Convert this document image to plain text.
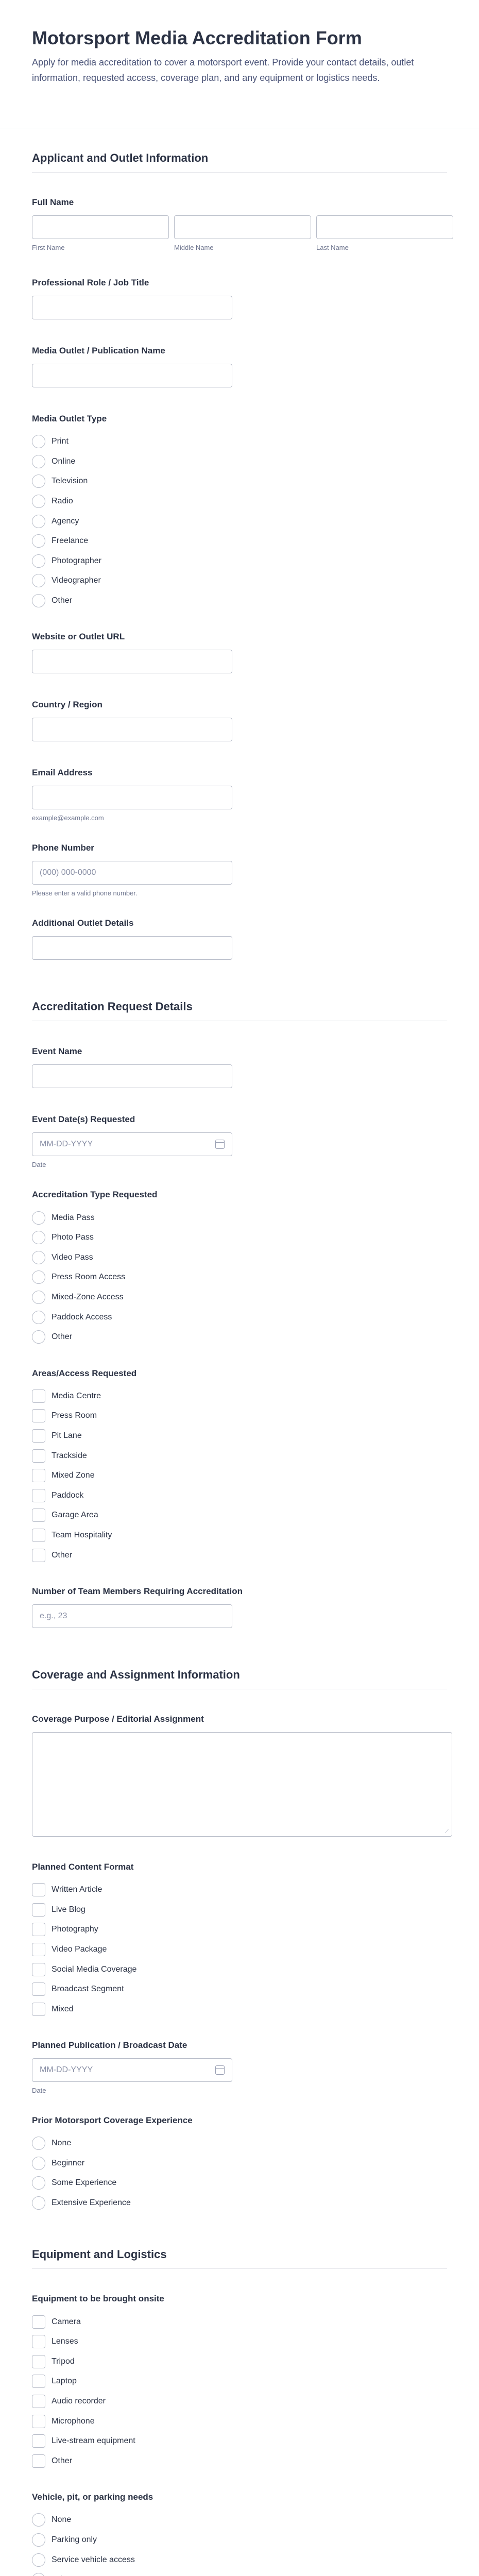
Motorsport Media Accreditation Form

Apply for media accreditation to cover a motorsport event. Provide your contact details, outlet information, requested access, coverage plan, and any equipment or logistics needs.

Applicant and Outlet Information
Full Name
First Name	Middle Name	Last Name
Professional Role / Job Title
Media Outlet / Publication Name
Media Outlet Type
Print
Online
Television
Radio
Agency
Freelance
Photographer
Videographer
Other
Website or Outlet URL
Country / Region
Email Address
example@example.com
Phone Number
(000) 000-0000
Please enter a valid phone number.
Additional Outlet Details
Accreditation Request Details
Event Name
Event Date(s) Requested
MM-DD-YYYY
Date
Accreditation Type Requested
Media Pass
Photo Pass
Video Pass
Press Room Access
Mixed-Zone Access
Paddock Access
Other
Areas/Access Requested
Media Centre
Press Room
Pit Lane
Trackside
Mixed Zone
Paddock
Garage Area
Team Hospitality
Other
Number of Team Members Requiring Accreditation
e.g., 23
Coverage and Assignment Information
Coverage Purpose / Editorial Assignment
⟋
Planned Content Format
Written Article
Live Blog
Photography
Video Package
Social Media Coverage
Broadcast Segment
Mixed
Planned Publication / Broadcast Date
MM-DD-YYYY
Date
Prior Motorsport Coverage Experience
None
Beginner
Some Experience
Extensive Experience
Equipment and Logistics
Equipment to be brought onsite
Camera
Lenses
Tripod
Laptop
Audio recorder
Microphone
Live-stream equipment
Other
Vehicle, pit, or parking needs
None
Parking only
Service vehicle access
